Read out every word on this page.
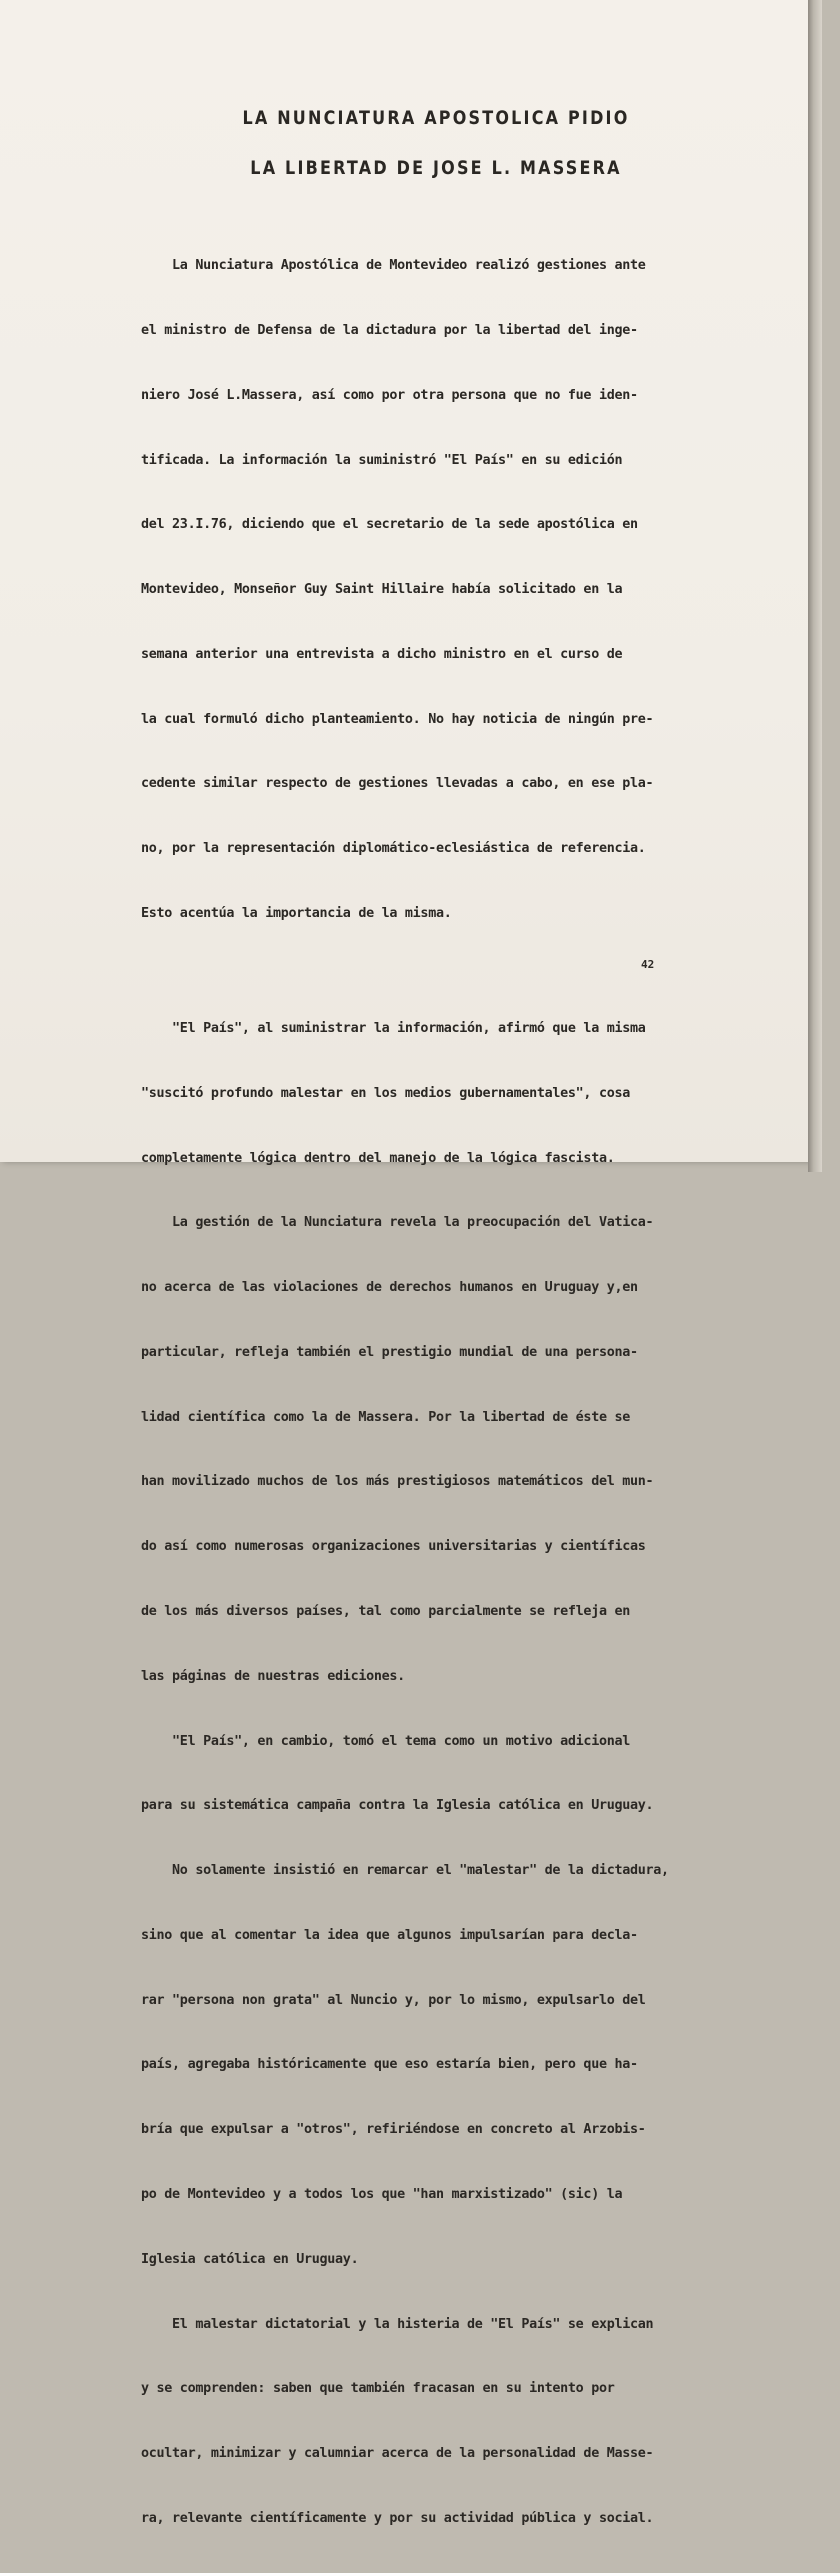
LA NUNCIATURA APOSTOLICA PIDIO
LA LIBERTAD DE JOSE L. MASSERA

La Nunciatura Apostólica de Montevideo realizó gestiones ante

el ministro de Defensa de la dictadura por la libertad del inge-

niero José L.Massera, así como por otra persona que no fue iden-

tificada. La información la suministró "El País" en su edición

del 23.I.76, diciendo que el secretario de la sede apostólica en

Montevideo, Monseñor Guy Saint Hillaire había solicitado en la

semana anterior una entrevista a dicho ministro en el curso de

la cual formuló dicho planteamiento. No hay noticia de ningún pre-

cedente similar respecto de gestiones llevadas a cabo, en ese pla-

no, por la representación diplomático-eclesiástica de referencia.

Esto acentúa la importancia de la misma.

"El País", al suministrar la información, afirmó que la misma

"suscitó profundo malestar en los medios gubernamentales", cosa

completamente lógica dentro del manejo de la lógica fascista.

La gestión de la Nunciatura revela la preocupación del Vatica-

no acerca de las violaciones de derechos humanos en Uruguay y,en

particular, refleja también el prestigio mundial de una persona-

lidad científica como la de Massera. Por la libertad de éste se

han movilizado muchos de los más prestigiosos matemáticos del mun-

do así como numerosas organizaciones universitarias y científicas

de los más diversos países, tal como parcialmente se refleja en

las páginas de nuestras ediciones.

"El País", en cambio, tomó el tema como un motivo adicional

para su sistemática campaña contra la Iglesia católica en Uruguay.

No solamente insistió en remarcar el "malestar" de la dictadura,

sino que al comentar la idea que algunos impulsarían para decla-

rar "persona non grata" al Nuncio y, por lo mismo, expulsarlo del

país, agregaba históricamente que eso estaría bien, pero que ha-

bría que expulsar a "otros", refiriéndose en concreto al Arzobis-

po de Montevideo y a todos los que "han marxistizado" (sic) la

Iglesia católica en Uruguay.

El malestar dictatorial y la histeria de "El País" se explican

y se comprenden: saben que también fracasan en su intento por

ocultar, minimizar y calumniar acerca de la personalidad de Masse-

ra, relevante científicamente y por su actividad pública y social.

42
